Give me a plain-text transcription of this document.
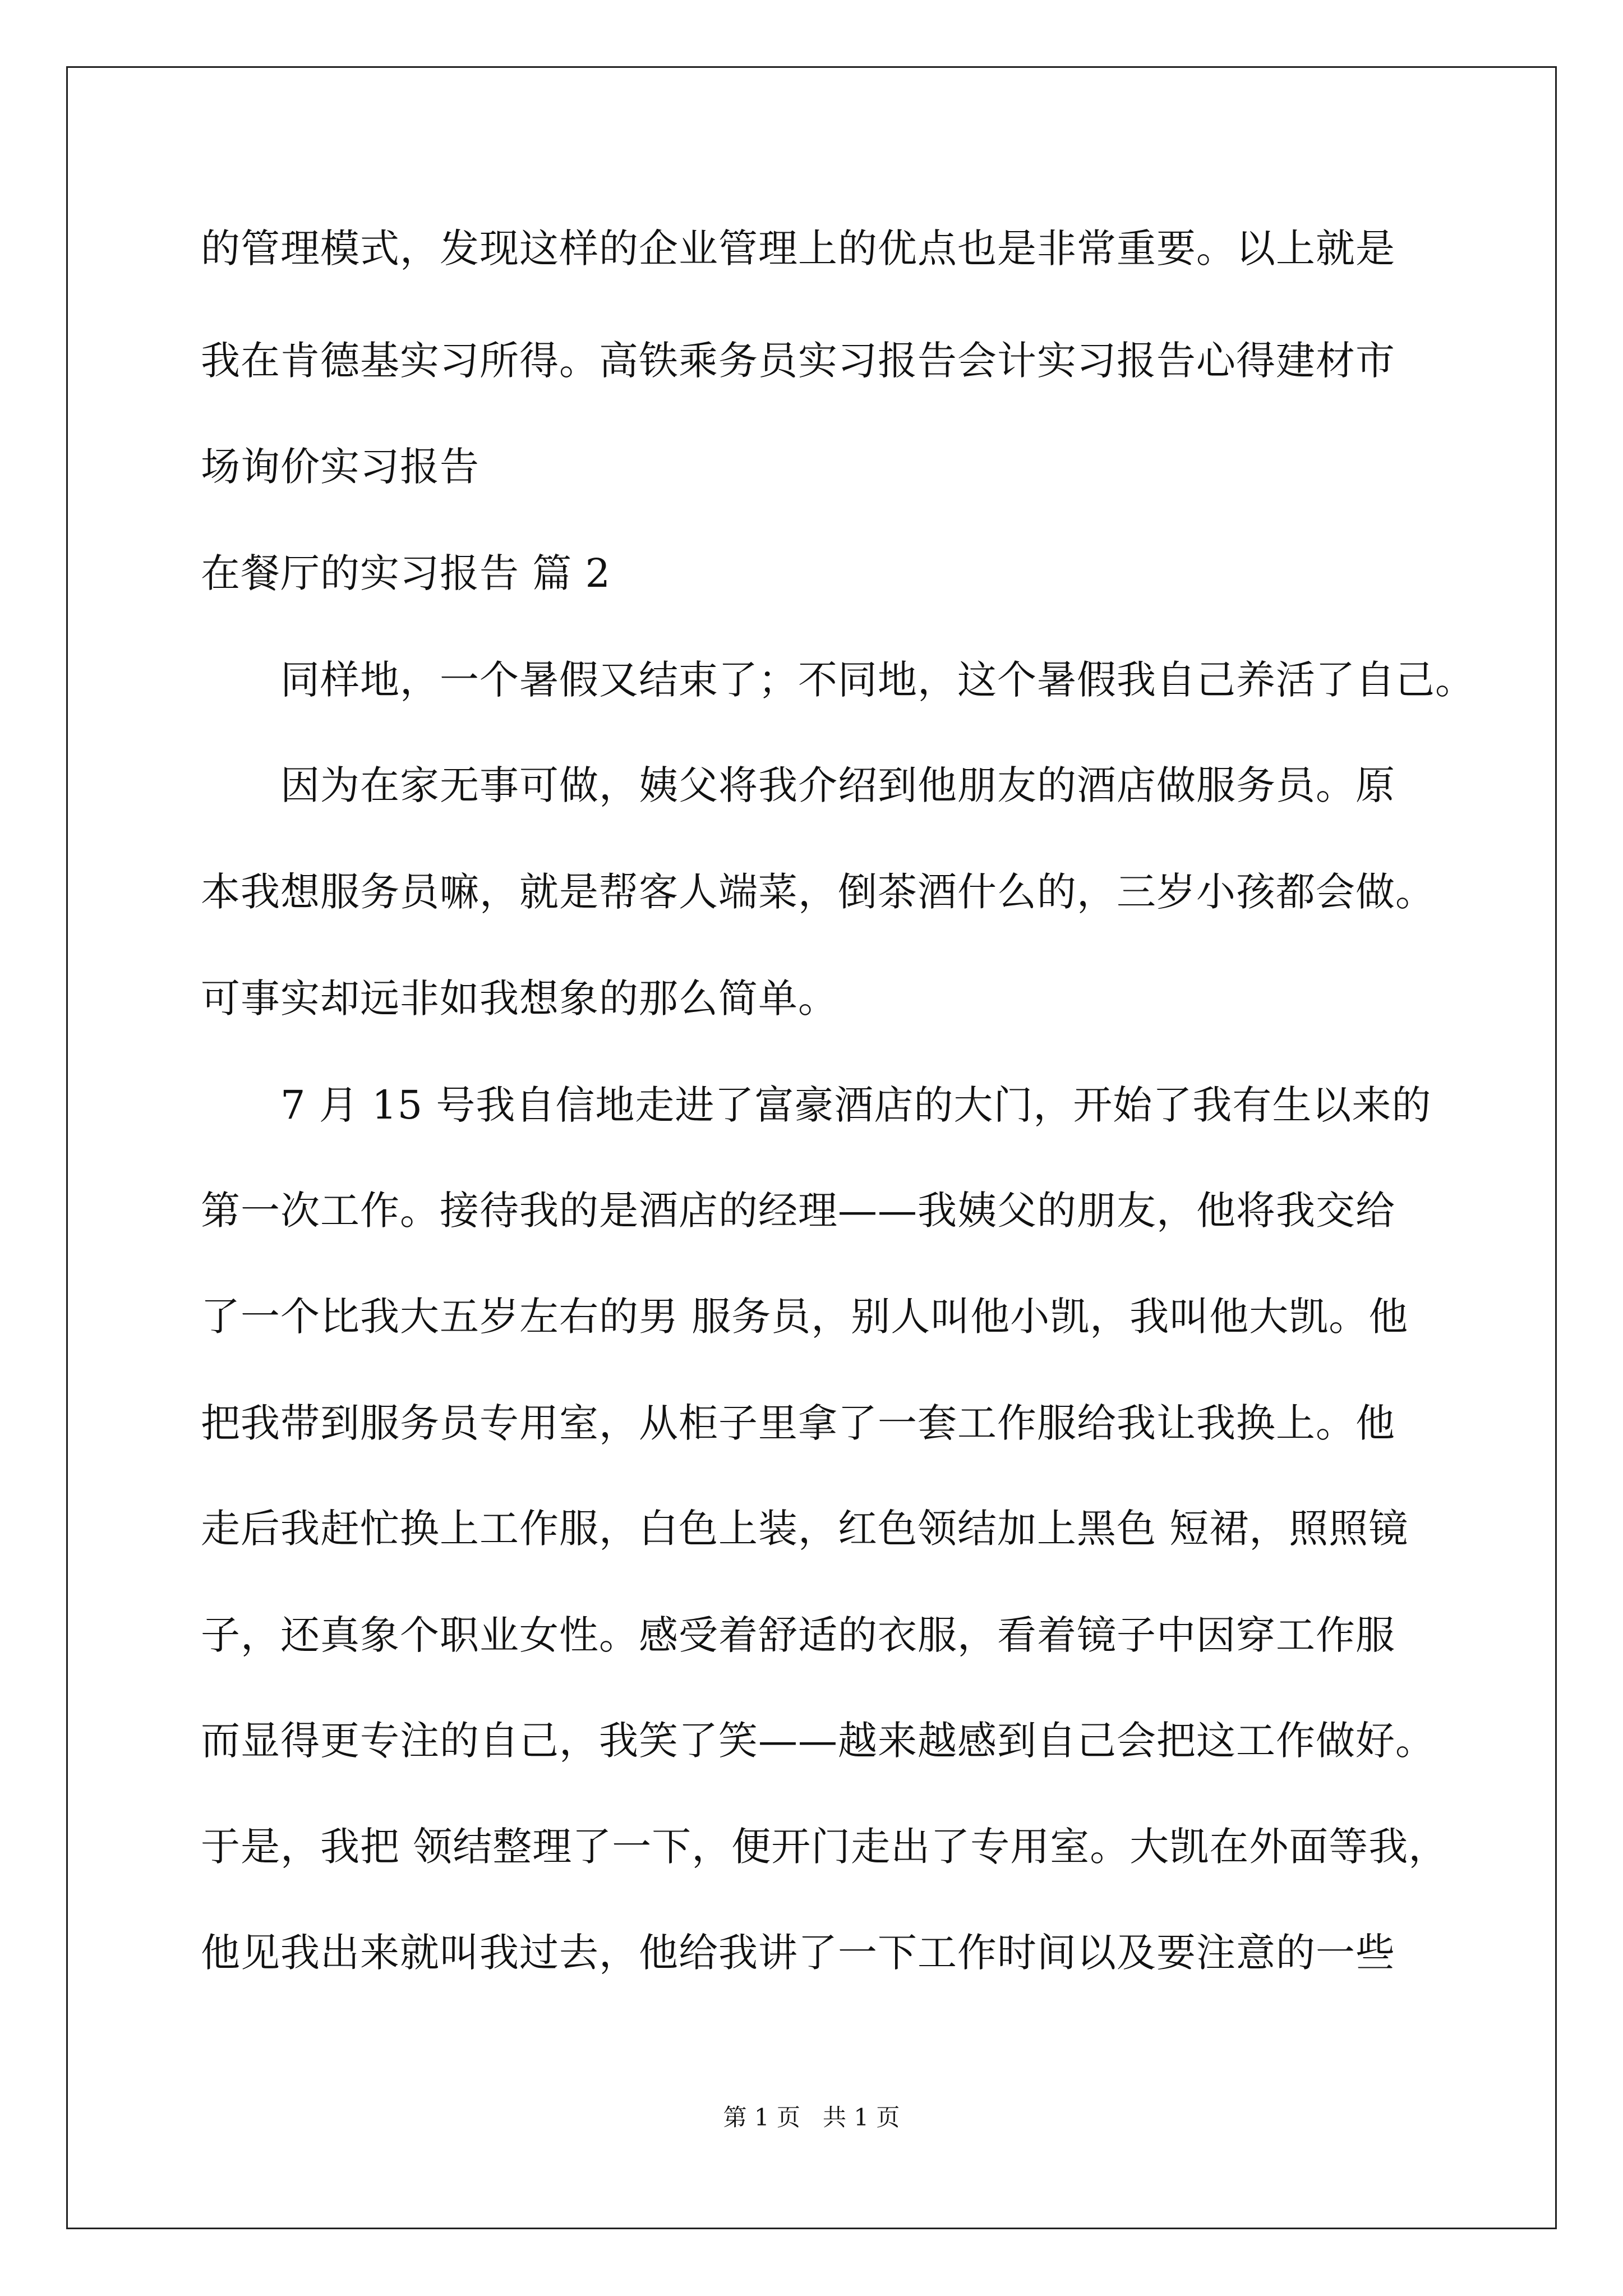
的管理模式，发现这样的企业管理上的优点也是非常重要。以上就是
我在肯德基实习所得。高铁乘务员实习报告会计实习报告心得建材市
场询价实习报告
在餐厅的实习报告 篇 2
同样地，一个暑假又结束了；不同地，这个暑假我自己养活了自己。
因为在家无事可做，姨父将我介绍到他朋友的酒店做服务员。原
本我想服务员嘛，就是帮客人端菜，倒茶酒什么的，三岁小孩都会做。
可事实却远非如我想象的那么简单。
7 月 15 号我自信地走进了富豪酒店的大门，开始了我有生以来的
第一次工作。接待我的是酒店的经理——我姨父的朋友，他将我交给
了一个比我大五岁左右的男 服务员，别人叫他小凯，我叫他大凯。他
把我带到服务员专用室，从柜子里拿了一套工作服给我让我换上。他
走后我赶忙换上工作服，白色上装，红色领结加上黑色 短裙，照照镜
子，还真象个职业女性。感受着舒适的衣服，看着镜子中因穿工作服
而显得更专注的自己，我笑了笑——越来越感到自己会把这工作做好。
于是，我把 领结整理了一下，便开门走出了专用室。大凯在外面等我，
他见我出来就叫我过去，他给我讲了一下工作时间以及要注意的一些
第 1 页 共 1 页
